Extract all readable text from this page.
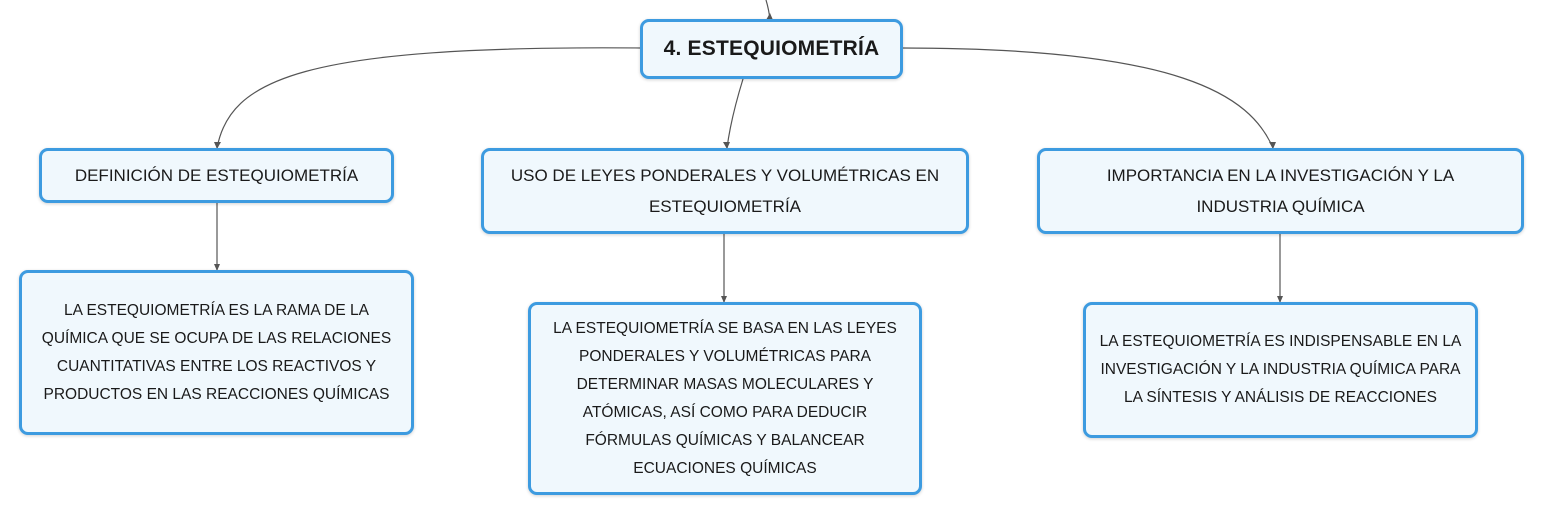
4. ESTEQUIOMETRÍA
DEFINICIÓN DE ESTEQUIOMETRÍA	USO DE LEYES PONDERALES Y VOLUMÉTRICAS EN ESTEQUIOMETRÍA
IMPORTANCIA EN LA INVESTIGACIÓN Y LA INDUSTRIA QUÍMICA
LA ESTEQUIOMETRÍA ES LA RAMA DE LA QUÍMICA QUE SE OCUPA DE LAS RELACIONES CUANTITATIVAS ENTRE LOS REACTIVOS Y PRODUCTOS EN LAS REACCIONES QUÍMICAS
LA ESTEQUIOMETRÍA SE BASA EN LAS LEYES PONDERALES Y VOLUMÉTRICAS PARA DETERMINAR MASAS MOLECULARES Y ATÓMICAS, ASÍ COMO PARA DEDUCIR FÓRMULAS QUÍMICAS Y BALANCEAR ECUACIONES QUÍMICAS
LA ESTEQUIOMETRÍA ES INDISPENSABLE EN LA INVESTIGACIÓN Y LA INDUSTRIA QUÍMICA PARA LA SÍNTESIS Y ANÁLISIS DE REACCIONES
